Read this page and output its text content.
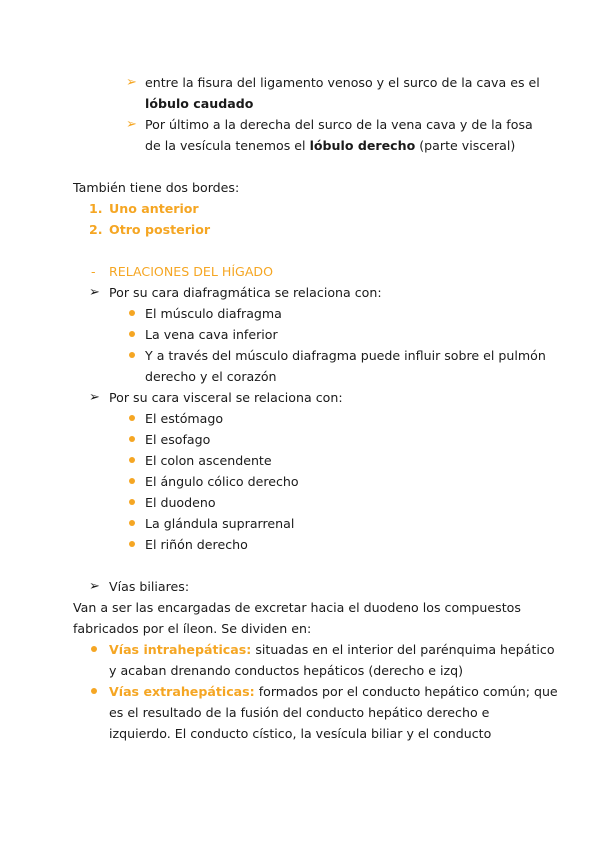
➢ entre la fisura del ligamento venoso y el surco de la cava es el
lóbulo caudado
➢ Por último a la derecha del surco de la vena cava y de la fosa
de la vesícula tenemos el lóbulo derecho (parte visceral)
También tiene dos bordes:
1. Uno anterior
2. Otro posterior
- RELACIONES DEL HÍGADO
➢ Por su cara diafragmática se relaciona con:
El músculo diafragma
La vena cava inferior
Y a través del músculo diafragma puede influir sobre el pulmón
derecho y el corazón
➢ Por su cara visceral se relaciona con:
El estómago
El esofago
El colon ascendente
El ángulo cólico derecho
El duodeno
La glándula suprarrenal
El riñón derecho
➢ Vías biliares:
Van a ser las encargadas de excretar hacia el duodeno los compuestos
fabricados por el íleon. Se dividen en:
Vías intrahepáticas: situadas en el interior del parénquima hepático
y acaban drenando conductos hepáticos (derecho e izq)
Vías extrahepáticas: formados por el conducto hepático común; que
es el resultado de la fusión del conducto hepático derecho e
izquierdo. El conducto cístico, la vesícula biliar y el conducto
